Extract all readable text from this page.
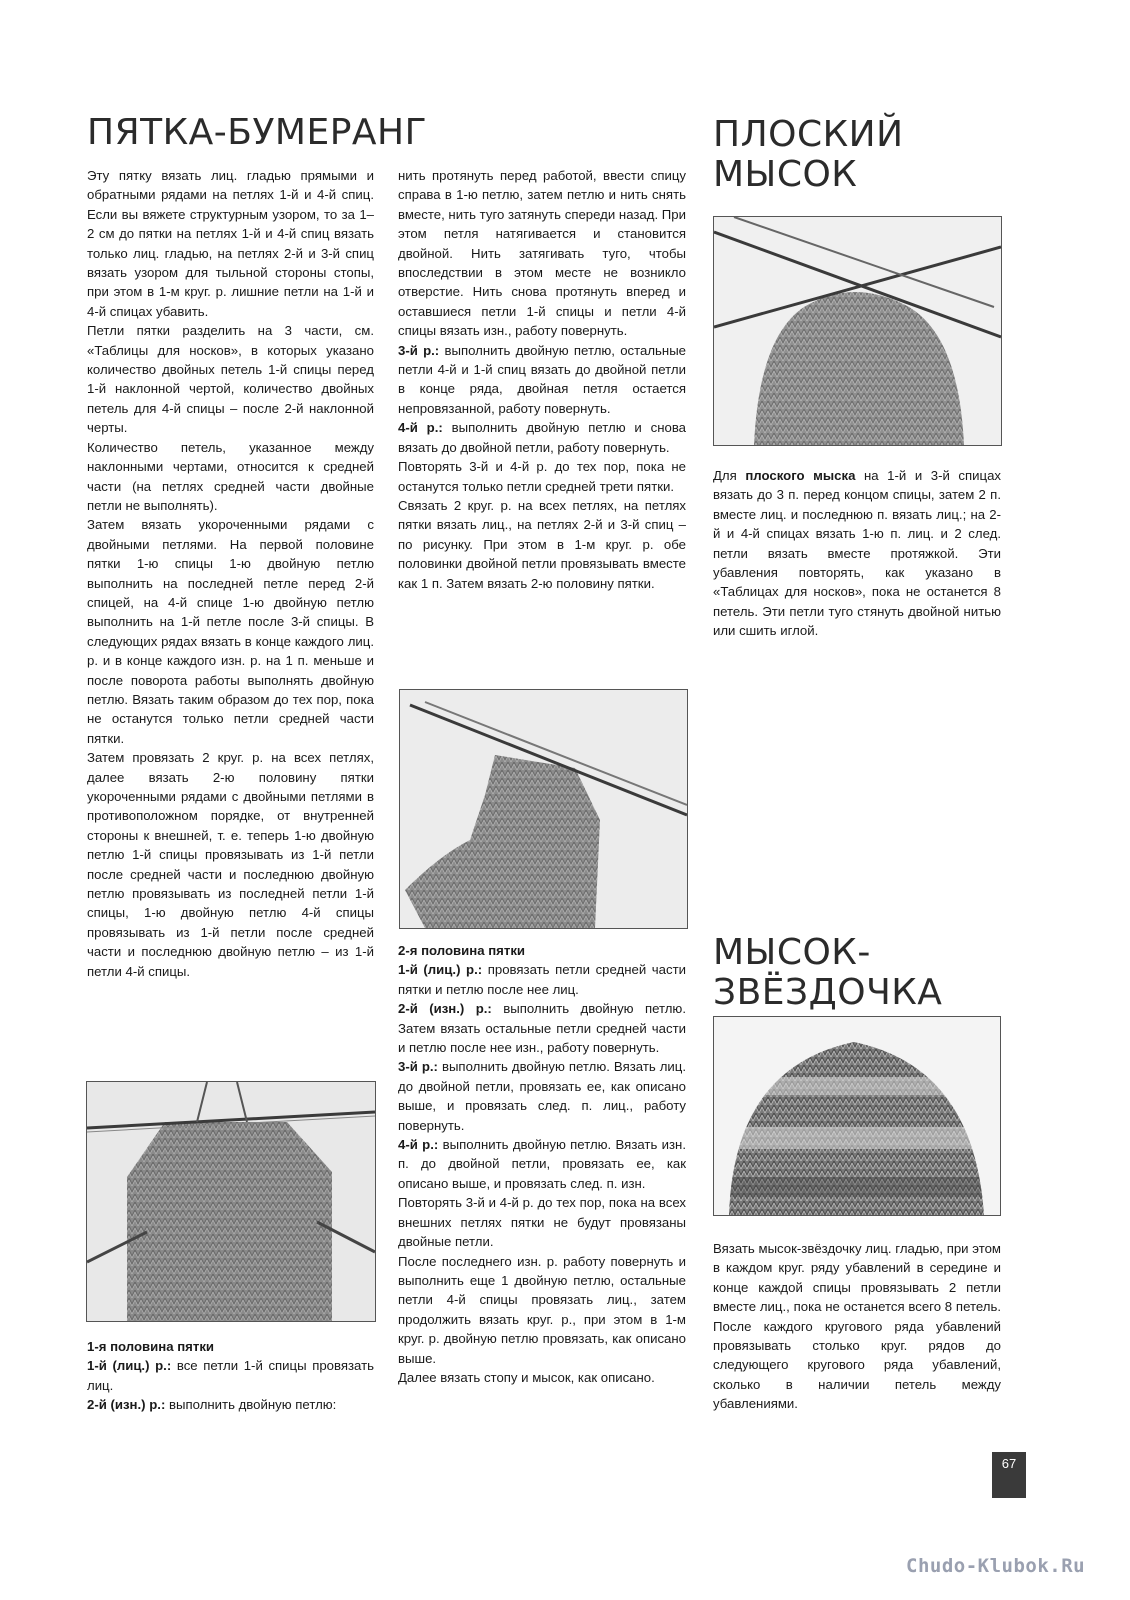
ПЯТКА-БУМЕРАНГ	ПЛОСКИЙ
МЫСОК
МЫСОК-
ЗВЁЗДОЧКА

Эту пятку вязать лиц. гладью прямыми и обратными рядами на петлях 1-й и 4-й спиц. Если вы вяжете структурным узором, то за 1–2 см до пятки на петлях 1-й и 4-й спиц вязать только лиц. гладью, на петлях 2-й и 3-й спиц вязать узором для тыльной стороны стопы, при этом в 1-м круг. р. лишние петли на 1-й и 4-й спицах убавить.

Петли пятки разделить на 3 части, см. «Таблицы для носков», в которых указано количество двойных петель 1-й спицы перед 1-й наклонной чертой, количество двойных петель для 4-й спицы – после 2-й наклонной черты.

Количество петель, указанное между наклонными чертами, относится к средней части (на петлях средней части двойные петли не выполнять).

Затем вязать укороченными рядами с двойными петлями. На первой половине пятки 1-ю спицы 1-ю двойную петлю выполнить на последней петле перед 2-й спицей, на 4-й спице 1-ю двойную петлю выполнить на 1-й петле после 3-й спицы. В следующих рядах вязать в конце каждого лиц. р. и в конце каждого изн. р. на 1 п. меньше и после поворота работы выполнять двойную петлю. Вязать таким образом до тех пор, пока не останутся только петли средней части пятки.

Затем провязать 2 круг. р. на всех петлях, далее вязать 2-ю половину пятки укороченными рядами с двойными петлями в противоположном порядке, от внутренней стороны к внешней, т. е. теперь 1-ю двойную петлю 1-й спицы провязывать из 1-й петли после средней части и последнюю двойную петлю провязывать из последней петли 1-й спицы, 1-ю двойную петлю 4-й спицы провязывать из 1-й петли после средней части и последнюю двойную петлю – из 1-й петли 4-й спицы.

1-я половина пятки

1-й (лиц.) р.: все петли 1-й спицы провязать лиц.

2-й (изн.) р.: выполнить двойную петлю:

нить протянуть перед работой, ввести спицу справа в 1-ю петлю, затем петлю и нить снять вместе, нить туго затянуть спереди назад. При этом петля натягивается и становится двойной. Нить затягивать туго, чтобы впоследствии в этом месте не возникло отверстие. Нить снова протянуть вперед и оставшиеся петли 1-й спицы и петли 4-й спицы вязать изн., работу повернуть.

3-й р.: выполнить двойную петлю, остальные петли 4-й и 1-й спиц вязать до двойной петли в конце ряда, двойная петля остается непровязанной, работу повернуть.

4-й р.: выполнить двойную петлю и снова вязать до двойной петли, работу повернуть.

Повторять 3-й и 4-й р. до тех пор, пока не останутся только петли средней трети пятки.

Связать 2 круг. р. на всех петлях, на петлях пятки вязать лиц., на петлях 2-й и 3-й спиц – по рисунку. При этом в 1-м круг. р. обе половинки двойной петли провязывать вместе как 1 п. Затем вязать 2-ю половину пятки.

2-я половина пятки

1-й (лиц.) р.: провязать петли средней части пятки и петлю после нее лиц.

2-й (изн.) р.: выполнить двойную петлю. Затем вязать остальные петли средней части и петлю после нее изн., работу повернуть.

3-й р.: выполнить двойную петлю. Вязать лиц. до двойной петли, провязать ее, как описано выше, и провязать след. п. лиц., работу повернуть.

4-й р.: выполнить двойную петлю. Вязать изн. п. до двойной петли, провязать ее, как описано выше, и провязать след. п. изн.

Повторять 3-й и 4-й р. до тех пор, пока на всех внешних петлях пятки не будут провязаны двойные петли.

После последнего изн. р. работу повернуть и выполнить еще 1 двойную петлю, остальные петли 4-й спицы провязать лиц., затем продолжить вязать круг. р., при этом в 1-м круг. р. двойную петлю провязать, как описано выше.

Далее вязать стопу и мысок, как описано.

Для плоского мыска на 1-й и 3-й спицах вязать до 3 п. перед концом спицы, затем 2 п. вместе лиц. и последнюю п. вязать лиц.; на 2-й и 4-й спицах вязать 1-ю п. лиц. и 2 след. петли вязать вместе протяжкой. Эти убавления повторять, как указано в «Таблицах для носков», пока не останется 8 петель. Эти петли туго стянуть двойной нитью или сшить иглой.

Вязать мысок-звёздочку лиц. гладью, при этом в каждом круг. ряду убавлений в середине и конце каждой спицы провязывать 2 петли вместе лиц., пока не останется всего 8 петель. После каждого кругового ряда убавлений провязывать столько круг. рядов до следующего кругового ряда убавлений, сколько в наличии петель между убавлениями.

67
Chudo-Klubok.Ru
